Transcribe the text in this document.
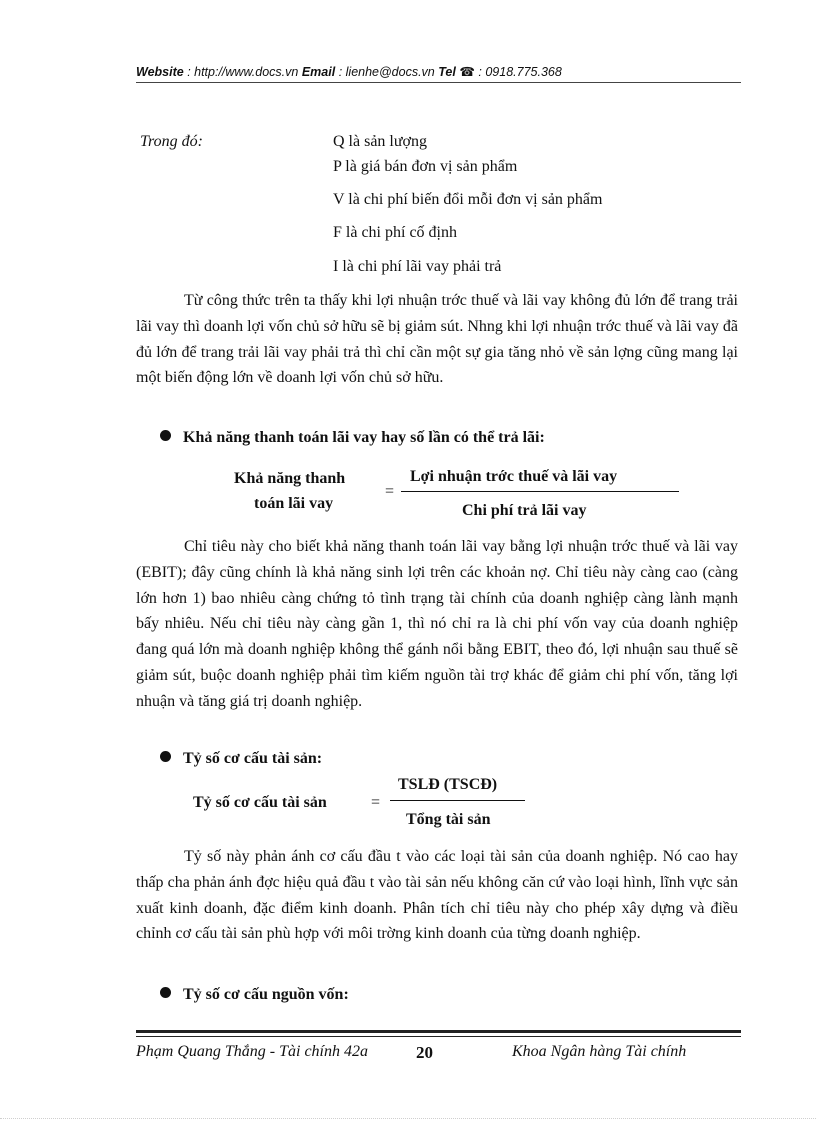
Website : http://www.docs.vn Email : lienhe@docs.vn Tel ☎ : 0918.775.368
Trong đó:	Q là sản lượng
P là giá bán đơn vị sản phẩm
V là chi phí biến đổi mỗi đơn vị sản phẩm
F là chi phí cố định
I là chi phí lãi vay phải trả

Từ công thức trên ta thấy khi lợi nhuận trớc thuế và lãi vay không đủ lớn để trang trải lãi vay thì doanh lợi vốn chủ sở hữu sẽ bị giảm sút. Nhng khi lợi nhuận trớc thuế và lãi vay đã đủ lớn để trang trải lãi vay phải trả thì chỉ cần một sự gia tăng nhỏ về sản lợng cũng mang lại một biến động lớn về doanh lợi vốn chủ sở hữu.

Khả năng thanh toán lãi vay hay số lần có thể trả lãi:
Khả năng thanh
toán lãi vay
=
Lợi nhuận trớc thuế và lãi vay
Chi phí trả lãi vay

Chỉ tiêu này cho biết khả năng thanh toán lãi vay bằng lợi nhuận trớc thuế và lãi vay (EBIT); đây cũng chính là khả năng sinh lợi trên các khoản nợ. Chỉ tiêu này càng cao (càng lớn hơn 1) bao nhiêu càng chứng tỏ tình trạng tài chính của doanh nghiệp càng lành mạnh bấy nhiêu. Nếu chỉ tiêu này càng gần 1, thì nó chỉ ra là chi phí vốn vay của doanh nghiệp đang quá lớn mà doanh nghiệp không thể gánh nổi bằng EBIT, theo đó, lợi nhuận sau thuế sẽ giảm sút, buộc doanh nghiệp phải tìm kiếm nguồn tài trợ khác để giảm chi phí vốn, tăng lợi nhuận và tăng giá trị doanh nghiệp.

Tỷ số cơ cấu tài sản:
Tỷ số cơ cấu tài sản	=
TSLĐ (TSCĐ)
Tổng tài sản

Tỷ số này phản ánh cơ cấu đầu t vào các loại tài sản của doanh nghiệp. Nó cao hay thấp cha phản ánh đợc hiệu quả đầu t vào tài sản nếu không căn cứ vào loại hình, lĩnh vực sản xuất kinh doanh, đặc điểm kinh doanh. Phân tích chỉ tiêu này cho phép xây dựng và điều chỉnh cơ cấu tài sản phù hợp với môi trờng kinh doanh của từng doanh nghiệp.

Tỷ số cơ cấu nguồn vốn:
Phạm Quang Thắng - Tài chính 42a	20	Khoa Ngân hàng Tài chính
